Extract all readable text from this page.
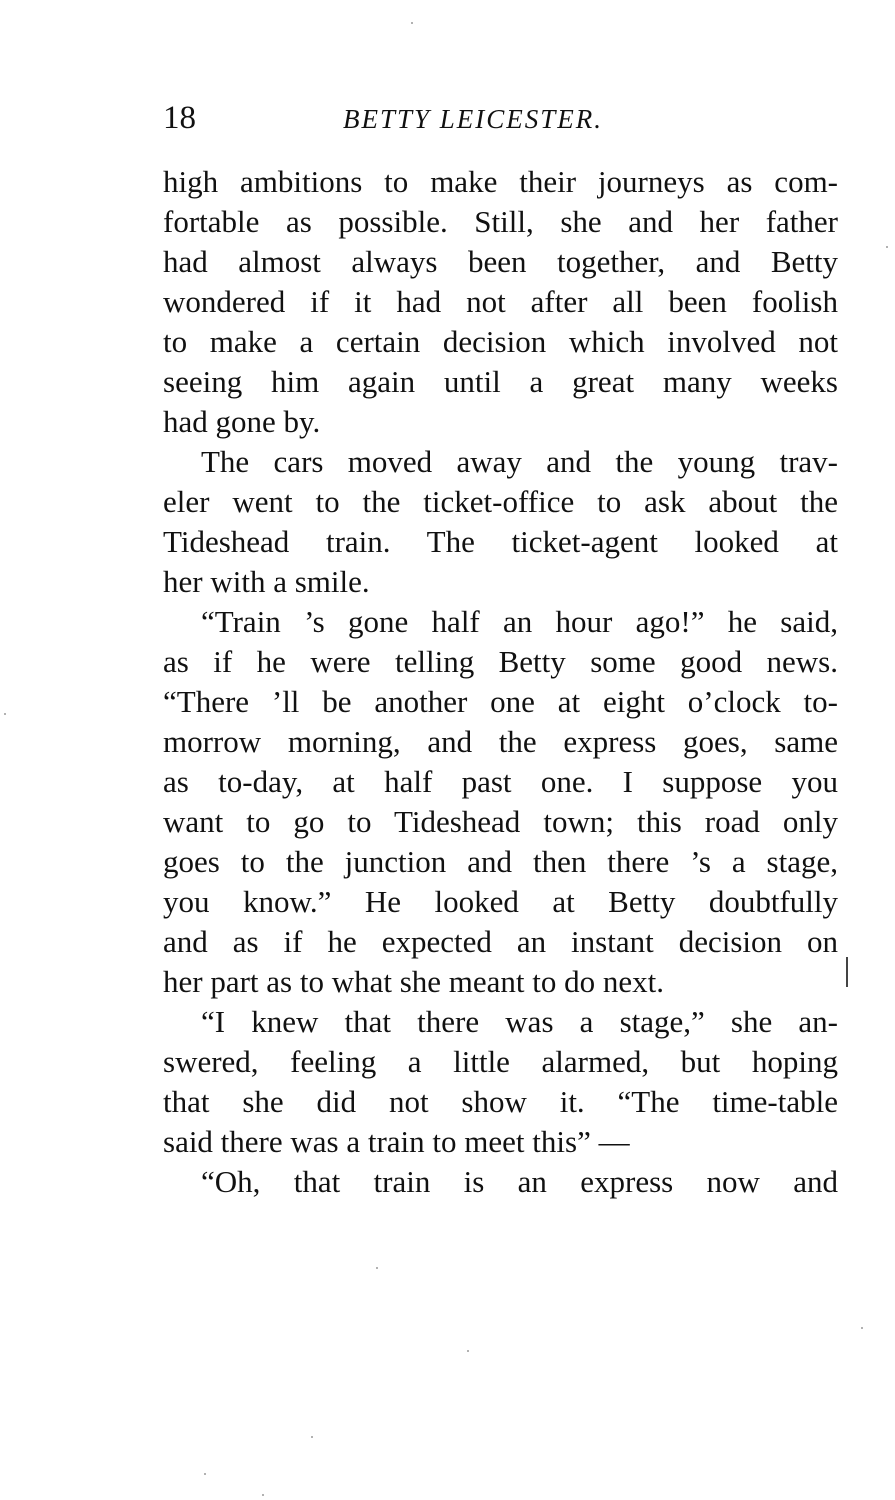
18	BETTY LEICESTER.
high ambitions to make their journeys as com-
fortable as possible. Still, she and her father
had almost always been together, and Betty
wondered if it had not after all been foolish
to make a certain decision which involved not
seeing him again until a great many weeks
had gone by.
The cars moved away and the young trav-
eler went to the ticket-office to ask about the
Tideshead train. The ticket-agent looked at
her with a smile.
“Train ’s gone half an hour ago!” he said,
as if he were telling Betty some good news.
“There ’ll be another one at eight o’clock to-
morrow morning, and the express goes, same
as to-day, at half past one. I suppose you
want to go to Tideshead town; this road only
goes to the junction and then there ’s a stage,
you know.” He looked at Betty doubtfully
and as if he expected an instant decision on
her part as to what she meant to do next.
“I knew that there was a stage,” she an-
swered, feeling a little alarmed, but hoping
that she did not show it. “The time-table
said there was a train to meet this” —
“Oh, that train is an express now and
